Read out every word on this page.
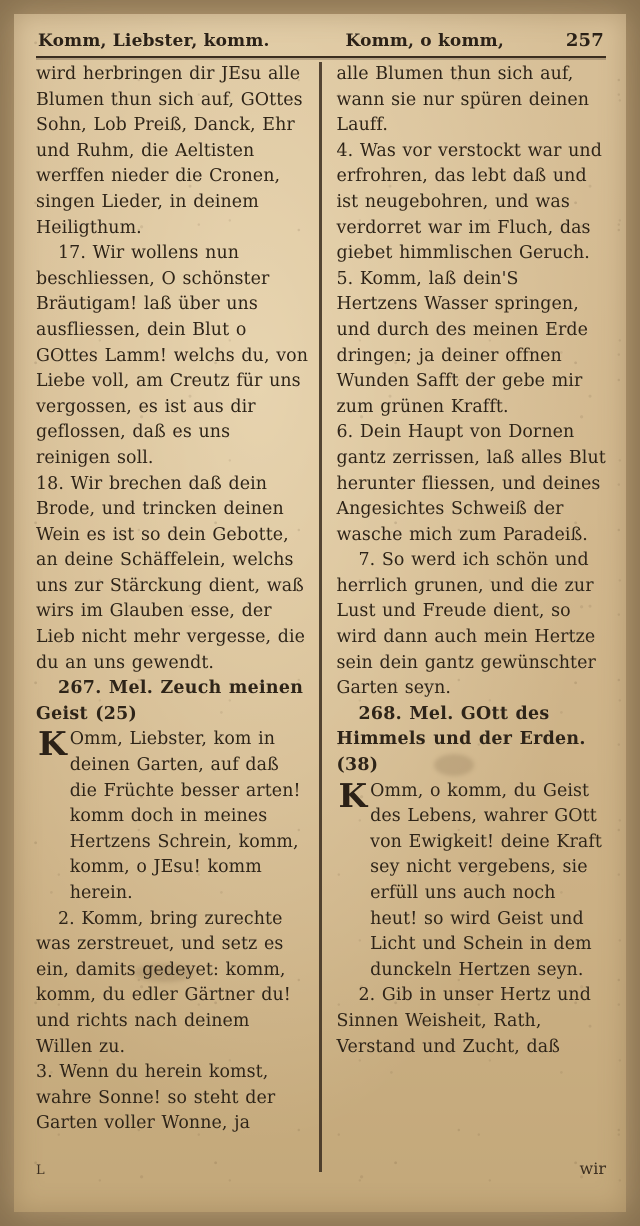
Komm, Liebster, komm.	Komm, o komm,	257

wird herbringen dir JEsu alle Blumen thun sich auf, GOttes Sohn, Lob Preiß, Danck, Ehr und Ruhm, die Aeltisten werffen nieder die Cronen, singen Lieder, in deinem Heiligthum.

17. Wir wollens nun beschliessen, O schönster Bräutigam! laß über uns ausfliessen, dein Blut o GOttes Lamm! welchs du, von Liebe voll, am Creutz für uns vergossen, es ist aus dir geflossen, daß es uns reinigen soll.

18. Wir brechen daß dein Brode, und trincken deinen Wein es ist so dein Gebotte, an deine Schäffelein, welchs uns zur Stärckung dient, waß wirs im Glauben esse, der Lieb nicht mehr vergesse, die du an uns gewendt.

267. Mel. Zeuch meinen Geist (25)

K Omm, Liebster, kom in deinen Garten, auf daß die Früchte besser arten! komm doch in meines Hertzens Schrein, komm, komm, o JEsu! komm herein.

2. Komm, bring zurechte was zerstreuet, und setz es ein, damits gedeyet: komm, komm, du edler Gärtner du! und richts nach deinem Willen zu.

3. Wenn du herein komst, wahre Sonne! so steht der Garten voller Wonne, ja

L

alle Blumen thun sich auf, wann sie nur spüren deinen Lauff.

4. Was vor verstockt war und erfrohren, das lebt daß und ist neugebohren, und was verdorret war im Fluch, das giebet himmlischen Geruch.

5. Komm, laß dein'S Hertzens Wasser springen, und durch des meinen Erde dringen; ja deiner offnen Wunden Safft der gebe mir zum grünen Krafft.

6. Dein Haupt von Dornen gantz zerrissen, laß alles Blut herunter fliessen, und deines Angesichtes Schweiß der wasche mich zum Paradeiß.

7. So werd ich schön und herrlich grunen, und die zur Lust und Freude dient, so wird dann auch mein Hertze sein dein gantz gewünschter Garten seyn.

268. Mel. GOtt des Himmels und der Erden. (38)

K Omm, o komm, du Geist des Lebens, wahrer GOtt von Ewigkeit! deine Kraft sey nicht vergebens, sie erfüll uns auch noch heut! so wird Geist und Licht und Schein in dem dunckeln Hertzen seyn.

2. Gib in unser Hertz und Sinnen Weisheit, Rath, Verstand und Zucht, daß

wir
